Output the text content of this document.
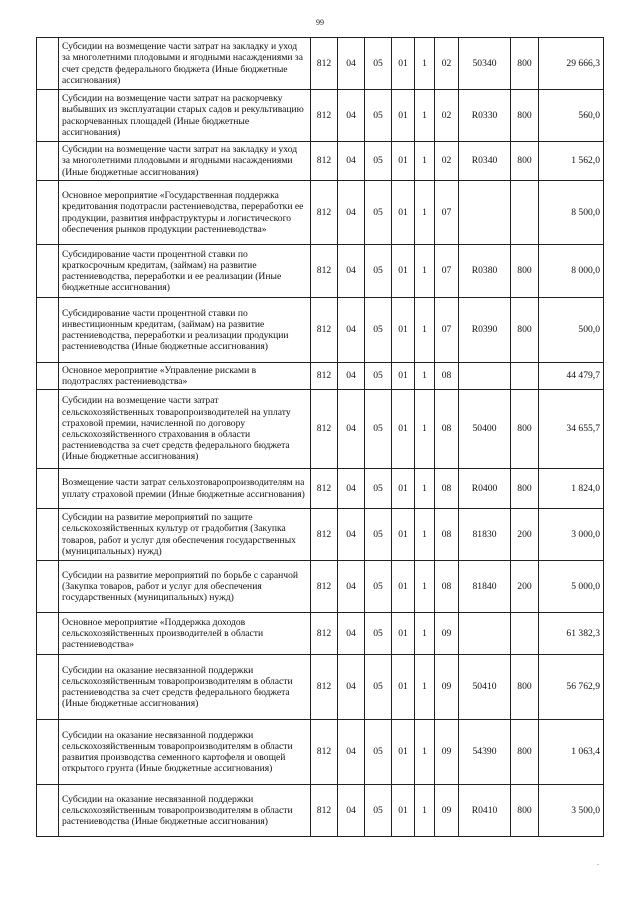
99
	Субсидии на возмещение части затрат на закладку и уход за многолетними плодовыми и ягодными насаждениями за счет средств федерального бюджета (Иные бюджетные ассигнования)	812	04	05	01	1	02	50340	800	29 666,3
	Субсидии на возмещение части затрат на раскорчевку выбывших из эксплуатации старых садов и рекультивацию раскорчеванных площадей (Иные бюджетные ассигнования)	812	04	05	01	1	02	R0330	800	560,0
	Субсидии на возмещение части затрат на закладку и уход за многолетними плодовыми и ягодными насаждениями (Иные бюджетные ассигнования)	812	04	05	01	1	02	R0340	800	1 562,0
	Основное мероприятие «Государственная поддержка кредитования подотрасли растениеводства, переработки ее продукции, развития инфраструктуры и логистического обеспечения рынков продукции растениеводства»	812	04	05	01	1	07			8 500,0
	Субсидирование части процентной ставки по краткосрочным кредитам, (займам) на развитие растениеводства, переработки и ее реализации (Иные бюджетные ассигнования)	812	04	05	01	1	07	R0380	800	8 000,0
	Субсидирование части процентной ставки по инвестиционным кредитам, (займам) на развитие растениеводства, переработки и реализации продукции растениеводства (Иные бюджетные ассигнования)	812	04	05	01	1	07	R0390	800	500,0
	Основное мероприятие «Управление рисками в подотраслях растениеводства»	812	04	05	01	1	08			44 479,7
	Субсидии на возмещение части затрат сельскохозяйственных товаропроизводителей на уплату страховой премии, начисленной по договору сельскохозяйственного страхования в области растениеводства за счет средств федерального бюджета (Иные бюджетные ассигнования)	812	04	05	01	1	08	50400	800	34 655,7
	Возмещение части затрат сельхозтоваропроизводителям на уплату страховой премии (Иные бюджетные ассигнования)	812	04	05	01	1	08	R0400	800	1 824,0
	Субсидии на развитие мероприятий по защите сельскохозяйственных культур от градобития (Закупка товаров, работ и услуг для обеспечения государственных (муниципальных) нужд)	812	04	05	01	1	08	81830	200	3 000,0
	Субсидии на развитие мероприятий по борьбе с саранчой (Закупка товаров, работ и услуг для обеспечения государственных (муниципальных) нужд)	812	04	05	01	1	08	81840	200	5 000,0
	Основное мероприятие «Поддержка доходов сельскохозяйственных производителей в области растениеводства»	812	04	05	01	1	09			61 382,3
	Субсидии на оказание несвязанной поддержки сельскохозяйственным товаропроизводителям в области растениеводства за счет средств федерального бюджета (Иные бюджетные ассигнования)	812	04	05	01	1	09	50410	800	56 762,9
	Субсидии на оказание несвязанной поддержки сельскохозяйственным товаропроизводителям в области развития производства семенного картофеля и овощей открытого грунта (Иные бюджетные ассигнования)	812	04	05	01	1	09	54390	800	1 063,4
	Субсидии на оказание несвязанной поддержки сельскохозяйственным товаропроизводителям в области растениеводства (Иные бюджетные ассигнования)	812	04	05	01	1	09	R0410	800	3 500,0
.
